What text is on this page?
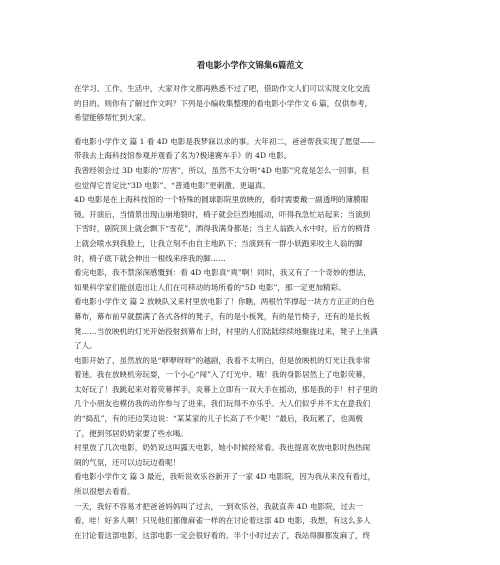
看电影小学作文锦集6篇范文

在学习、工作、生活中，大家对作文都再熟悉不过了吧，借助作文人们可以实现文化交流

的目的。则你有了解过作文吗？下列是小编收集整理的看电影小学作文 6 篇，仅供参考，

希望能够帮忙到大家。

看电影小学作文 篇 1 看 4D 电影是我梦寐以求的事。大年初二，爸爸帮我实现了愿望——

带我去上海科技馆参观并观看了名为?极速赛车手》的 4D 电影。

我曾经领会过 3D 电影的“厉害”，所以，虽然不太分明“4D 电影”究竟是怎么一回事，但

也觉得它肯定比“3D 电影”、“普通电影”更刺激、更逼真。

4D 电影是在上海科技馆的一个特殊的圆球影院里放映的，看时需要戴一副透明的簿膜眼

镜。开演后，当情景出现山崩地裂时，椅子就会巨烈地摇动，吓得我急忙站起来；当演到

下雪时，剧院顶上就会飘下“雪花”，洒得我满身都是；当主人翁跌入水中时，后方的椅背

上就会喷水到我脸上，让我立刻不由自主地趴下；当演到有一群小妖跑来咬主人翁的脚

时，椅子底下就会伸出一根线来痒我的脚……

看完电影，我不禁深深感慨到：看 4D 电影真“爽”啊！同时，我又有了一个奇妙的想法，

如果科学家们能创造出让人们在可移动的场所看的“5D 电影”，那一定更加精彩。

看电影小学作文 篇 2 放映队又来村里放电影了！你瞧，两根竹竿撑起一块方方正正的白色

幕布，幕布前早就摆满了各式各样的凳子，有的是小板凳，有的是竹椅子，还有的是长板

凳……当放映机的灯光开始投射到幕布上时，村里的人们陆陆续续地聚拢过来，凳子上坐满

了人。

电影开始了，虽然放的是“咿咿呀呀”的越剧，我看不太明白，但是放映机的灯光让我非常

着迷。我在放映机旁玩耍，一个小心“闯”入了灯光中。哦！我的身影居然上了电影荧幕，

太好玩了！我跳起来对着荧幕挥手，炎幕上立即有一双大手在摇动，那是我的手！村子里的

几个小朋友也模仿我的动作参与了进来，我们玩得不亦乐乎。大人们似乎并不太在意我们

的“捣乱”，有的还边笑边说：“某某家的儿子长高了不少呢！”最后，我玩累了，也渴极

了，便到邻居奶奶家要了些水喝。

村里放了几次电影，奶奶说这叫露天电影，她小时候经常看。我也提喜欢放电影时热热闹

闹的气氛，还可以边玩边看呢！

看电影小学作文 篇 3 最近，我听说欢乐谷新开了一家 4D 电影院，因为我从来没有看过，

所以很想去看看。

一天，我好不容易才把爸爸妈妈叫了过去，一到欢乐谷，我就直奔 4D 电影院，过去一

看，哇！好多人啊！只见他们都像麻雀一样的在讨论着这部 4D 电影，我想，有这么多人

在讨论着这部电影，这部电影一定会很好看的。半个小时过去了，我站得脚都发麻了，终
